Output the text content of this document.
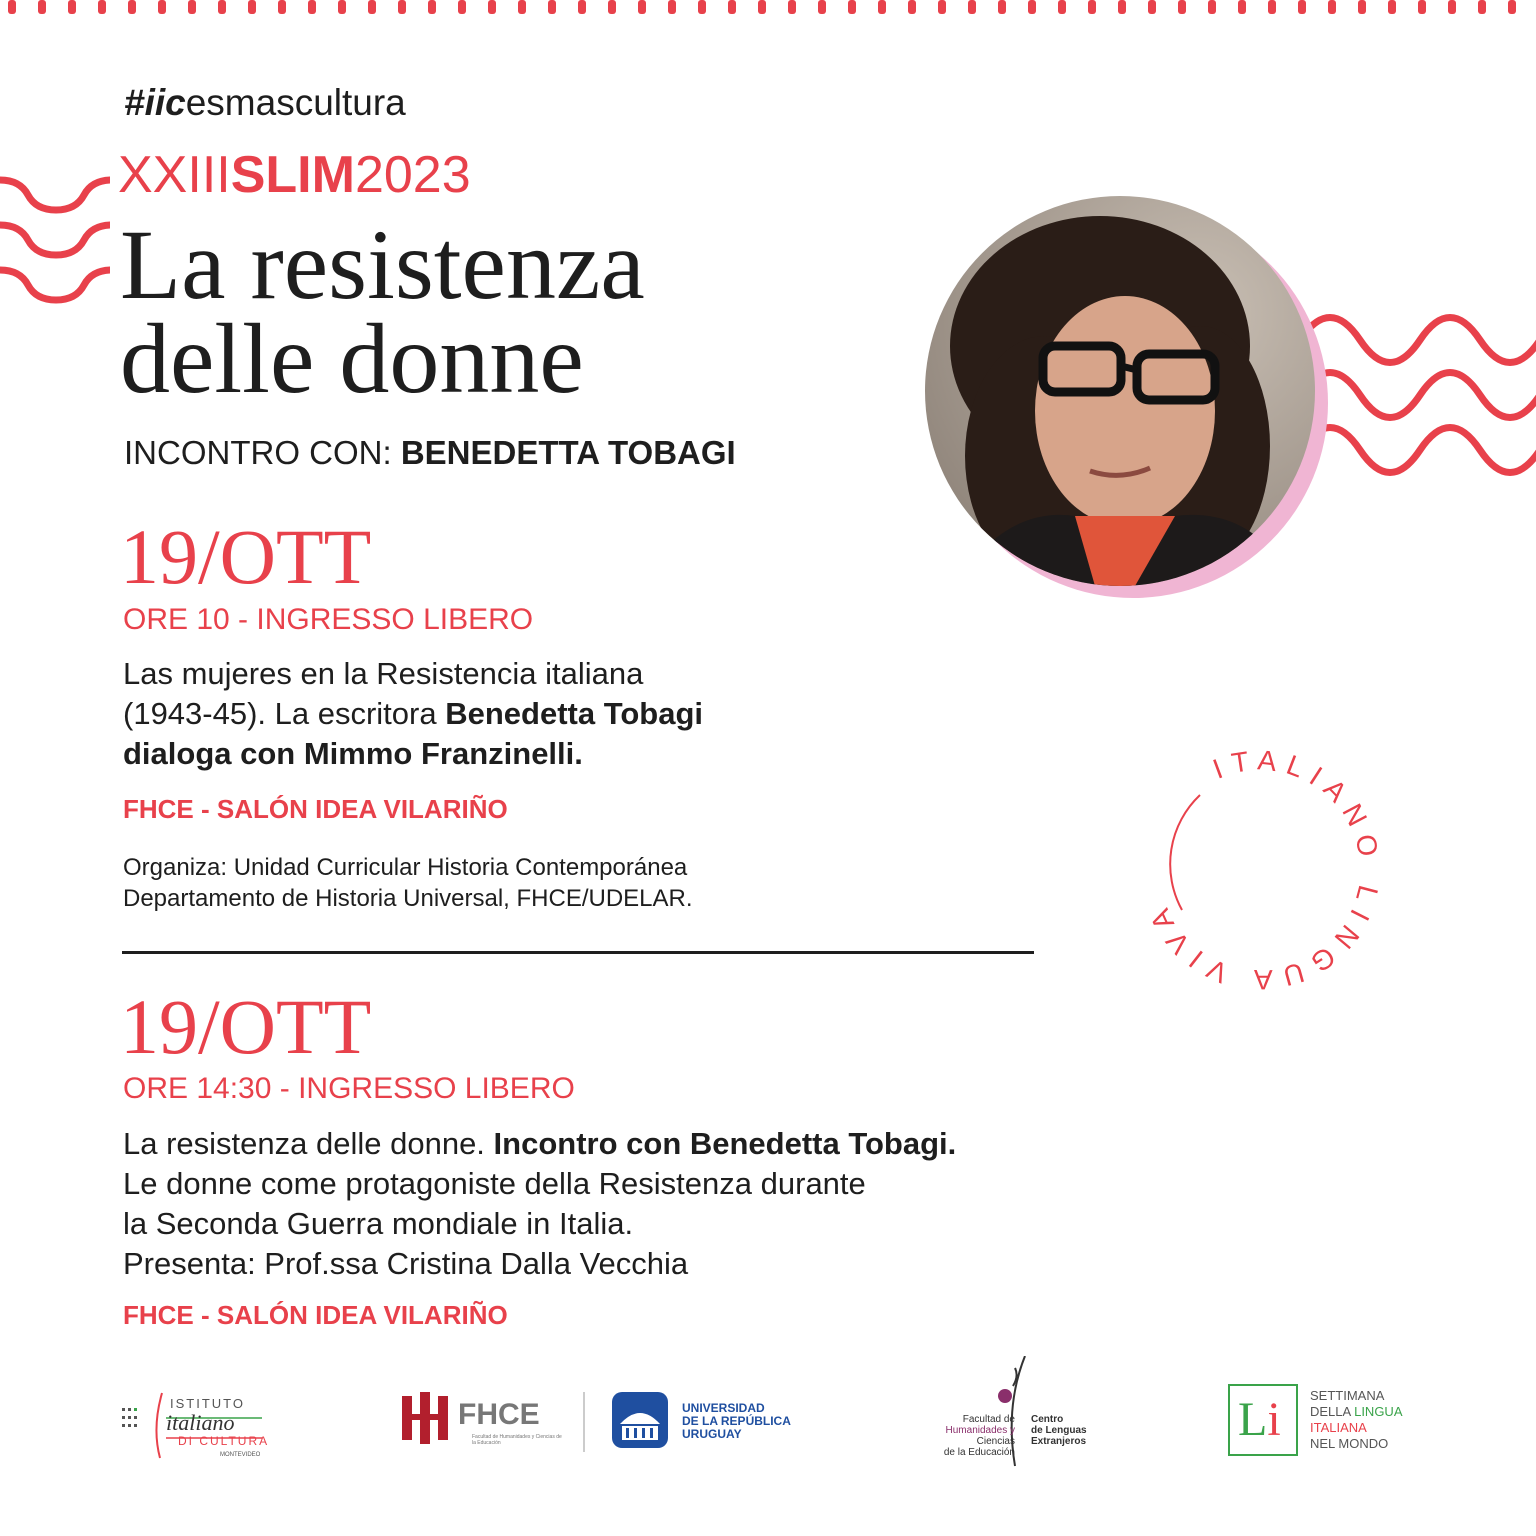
#iicesmascultura
XXIIISLIM2023
La resistenza
delle donne
INCONTRO CON: BENEDETTA TOBAGI
19/OTT
ORE 10 - INGRESSO LIBERO
Las mujeres en la Resistencia italiana
(1943-45). La escritora Benedetta Tobagi
dialoga con Mimmo Franzinelli.
FHCE - SALÓN IDEA VILARIÑO
Organiza: Unidad Curricular Historia Contemporánea
Departamento de Historia Universal, FHCE/UDELAR.
19/OTT
ORE 14:30 - INGRESSO LIBERO
La resistenza delle donne. Incontro con Benedetta Tobagi.
Le donne come protagoniste della Resistenza durante
la Seconda Guerra mondiale in Italia.
Presenta: Prof.ssa Cristina Dalla Vecchia
FHCE - SALÓN IDEA VILARIÑO
ITALIANO LINGUA VIVA
ISTITUTO
italiano
DI CULTURA
MONTEVIDEO
FHCE
Facultad de Humanidades y Ciencias de la Educación
UNIVERSIDAD
DE LA REPÚBLICA
URUGUAY
Facultad de
Humanidades y
Ciencias
de la Educación
Centro
de Lenguas
Extranjeros	Li SETTIMANA
DELLA LINGUA
ITALIANA
NEL MONDO
